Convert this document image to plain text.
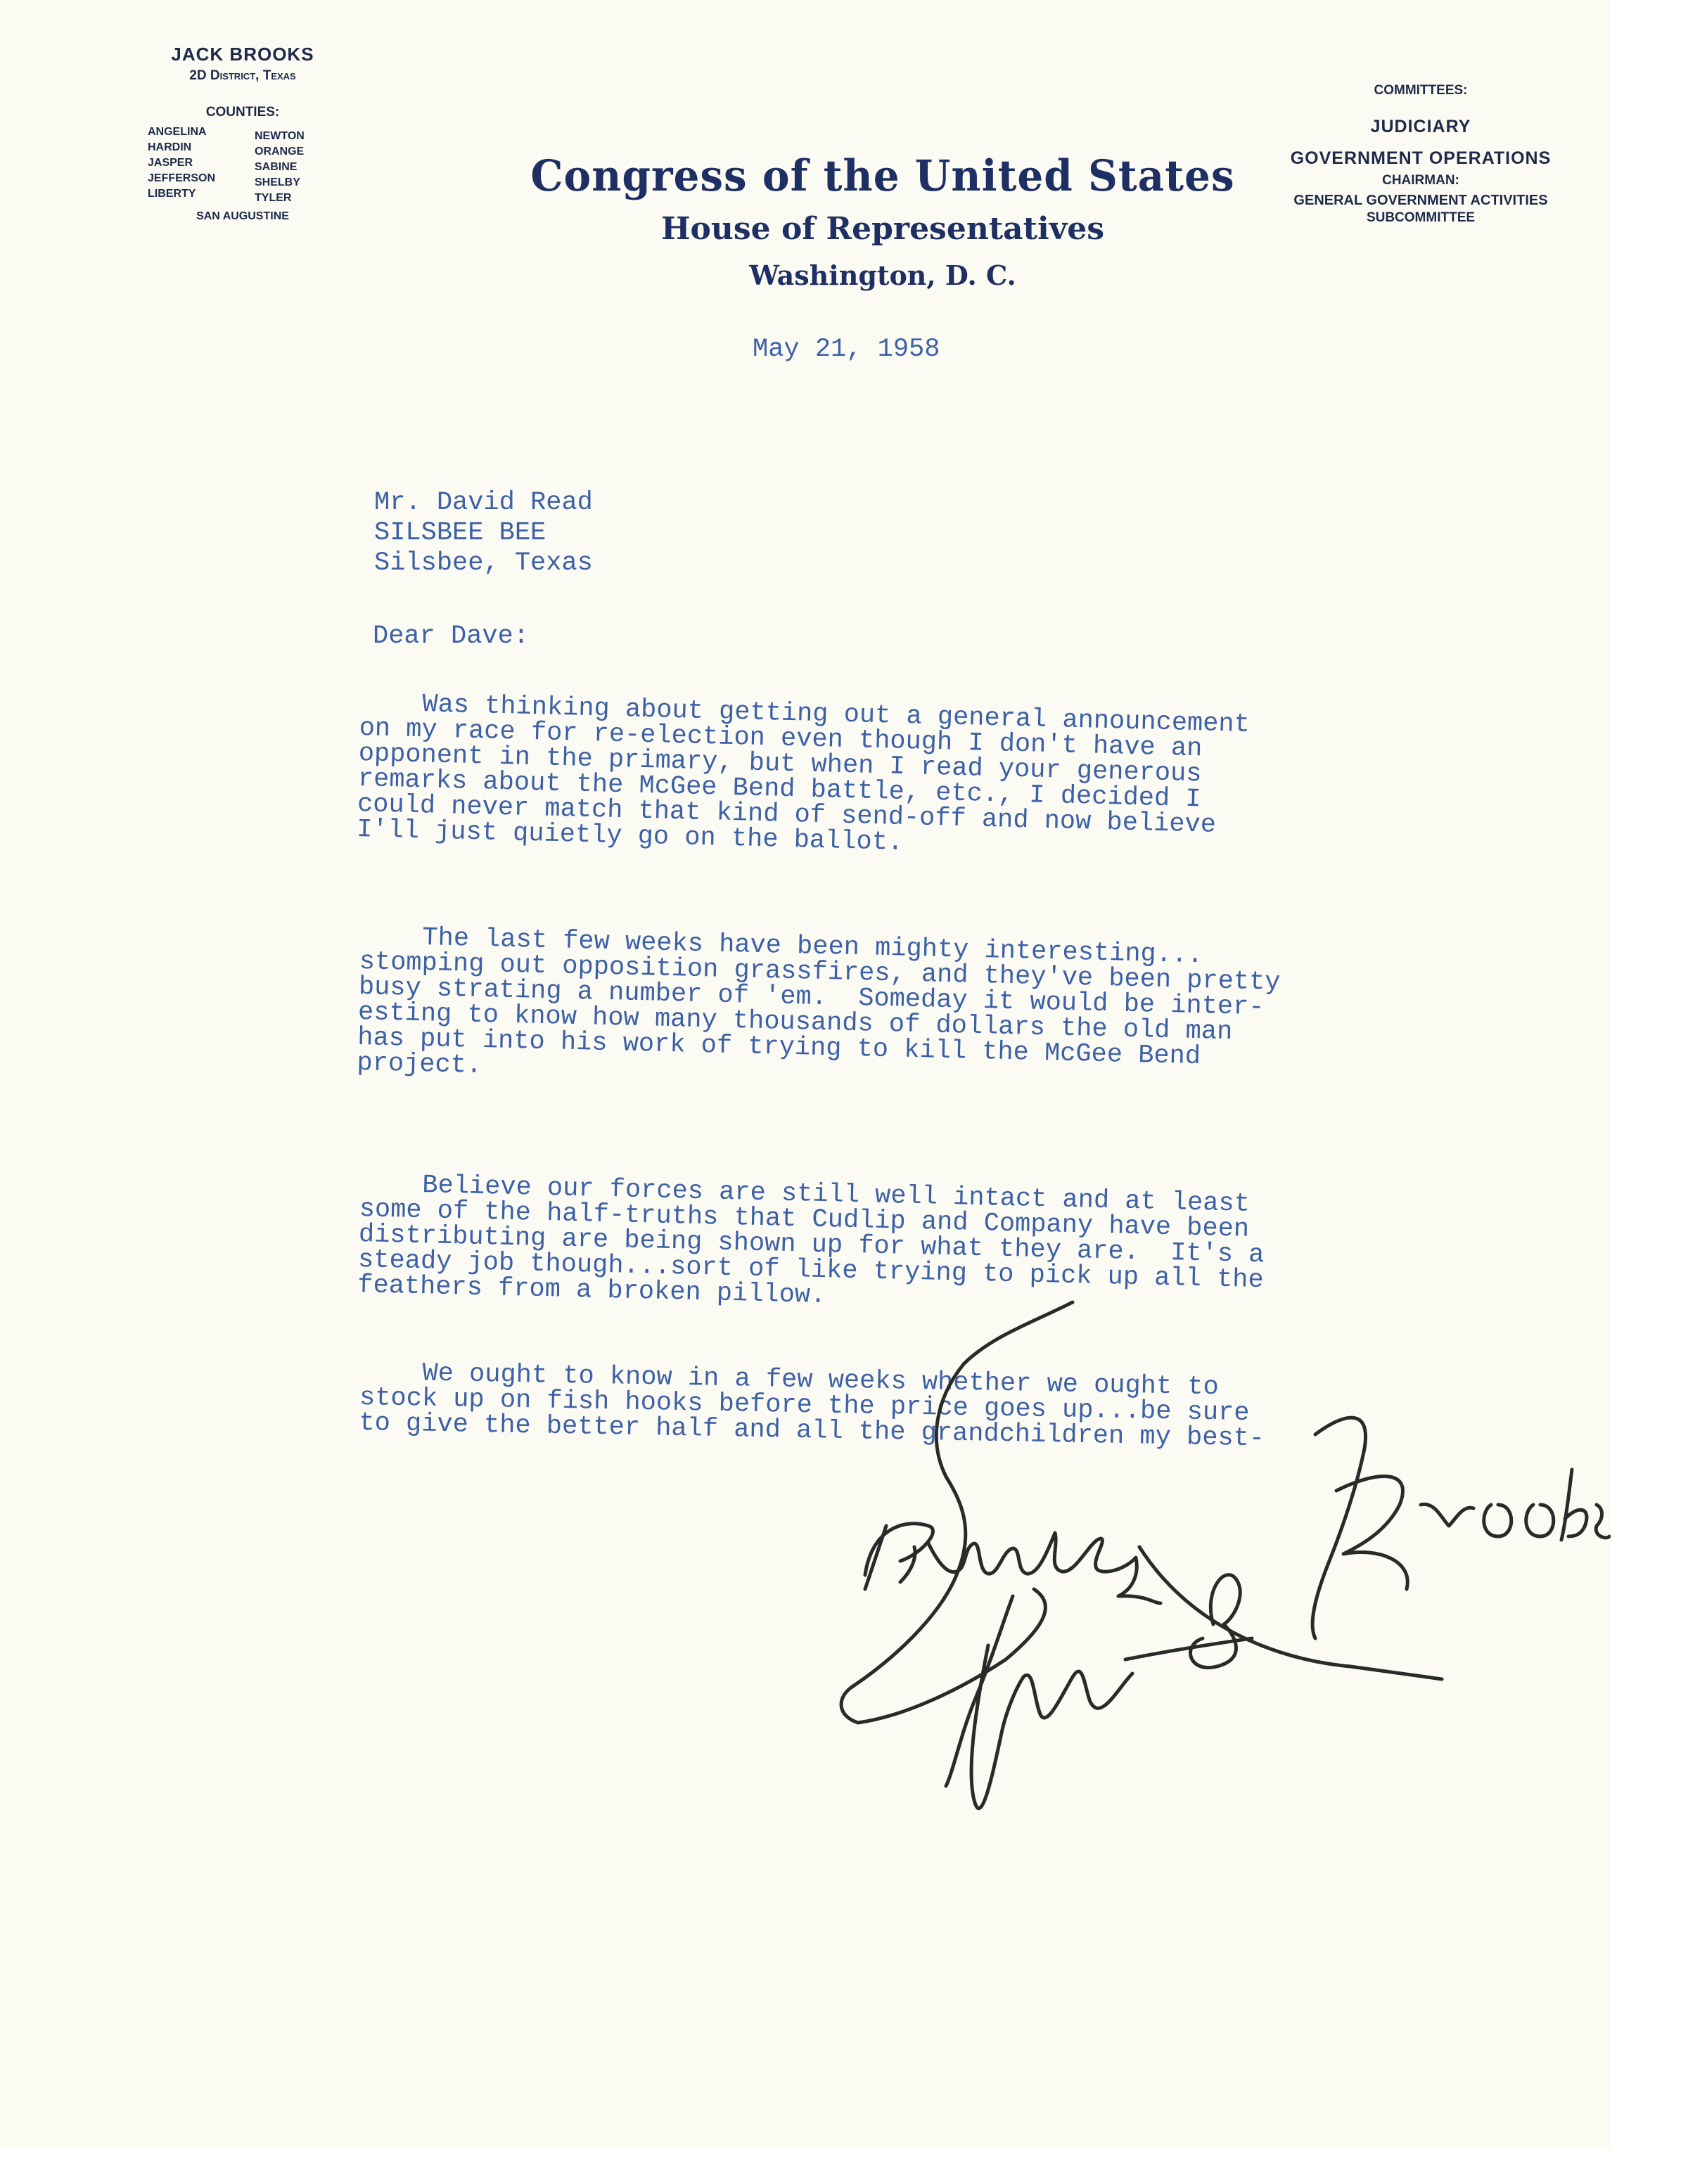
JACK BROOKS
2D District, Texas
COUNTIES:
ANGELINA
HARDIN
JASPER
JEFFERSON
LIBERTY
NEWTON
ORANGE
SABINE
SHELBY
TYLER
SAN AUGUSTINE
Congress of the United States
House of Representatives
Washington, D. C.
COMMITTEES:
JUDICIARY
GOVERNMENT OPERATIONS
CHAIRMAN:
GENERAL GOVERNMENT ACTIVITIES
SUBCOMMITTEE
May 21, 1958
Mr. David Read
SILSBEE BEE
Silsbee, Texas
Dear Dave:
Was thinking about getting out a general announcement
on my race for re-election even though I don't have an
opponent in the primary, but when I read your generous
remarks about the McGee Bend battle, etc., I decided I
could never match that kind of send-off and now believe
I'll just quietly go on the ballot.
The last few weeks have been mighty interesting...
stomping out opposition grassfires, and they've been pretty
busy strating a number of 'em.  Someday it would be inter-
esting to know how many thousands of dollars the old man
has put into his work of trying to kill the McGee Bend
project.
Believe our forces are still well intact and at least
some of the half-truths that Cudlip and Company have been
distributing are being shown up for what they are.  It's a
steady job though...sort of like trying to pick up all the
feathers from a broken pillow.
We ought to know in a few weeks whether we ought to
stock up on fish hooks before the price goes up...be sure
to give the better half and all the grandchildren my best-
